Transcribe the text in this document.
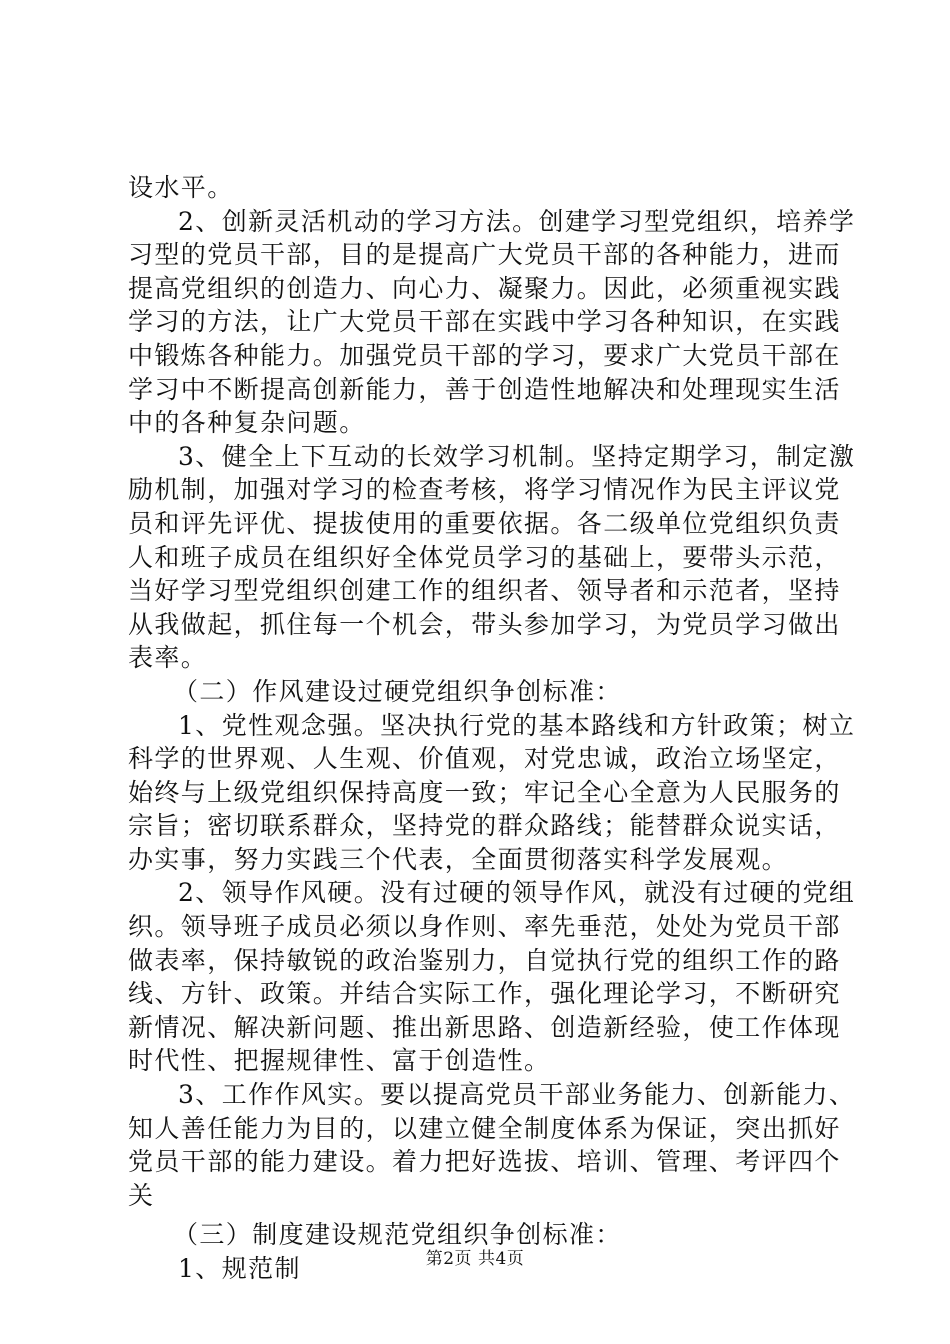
设水平。
2、创新灵活机动的学习方法。创建学习型党组织，培养学
习型的党员干部，目的是提高广大党员干部的各种能力，进而
提高党组织的创造力、向心力、凝聚力。因此，必须重视实践
学习的方法，让广大党员干部在实践中学习各种知识，在实践
中锻炼各种能力。加强党员干部的学习，要求广大党员干部在
学习中不断提高创新能力，善于创造性地解决和处理现实生活
中的各种复杂问题。
3、健全上下互动的长效学习机制。坚持定期学习，制定激
励机制，加强对学习的检查考核，将学习情况作为民主评议党
员和评先评优、提拔使用的重要依据。各二级单位党组织负责
人和班子成员在组织好全体党员学习的基础上，要带头示范，
当好学习型党组织创建工作的组织者、领导者和示范者，坚持
从我做起，抓住每一个机会，带头参加学习，为党员学习做出
表率。
（二）作风建设过硬党组织争创标准：
1、党性观念强。坚决执行党的基本路线和方针政策；树立
科学的世界观、人生观、价值观，对党忠诚，政治立场坚定，
始终与上级党组织保持高度一致；牢记全心全意为人民服务的
宗旨；密切联系群众，坚持党的群众路线；能替群众说实话，
办实事，努力实践三个代表，全面贯彻落实科学发展观。
2、领导作风硬。没有过硬的领导作风，就没有过硬的党组
织。领导班子成员必须以身作则、率先垂范，处处为党员干部
做表率，保持敏锐的政治鉴别力，自觉执行党的组织工作的路
线、方针、政策。并结合实际工作，强化理论学习，不断研究
新情况、解决新问题、推出新思路、创造新经验，使工作体现
时代性、把握规律性、富于创造性。
3、工作作风实。要以提高党员干部业务能力、创新能力、
知人善任能力为目的，以建立健全制度体系为保证，突出抓好
党员干部的能力建设。着力把好选拔、培训、管理、考评四个
关
（三）制度建设规范党组织争创标准：
1、规范制	第2页 共4页
